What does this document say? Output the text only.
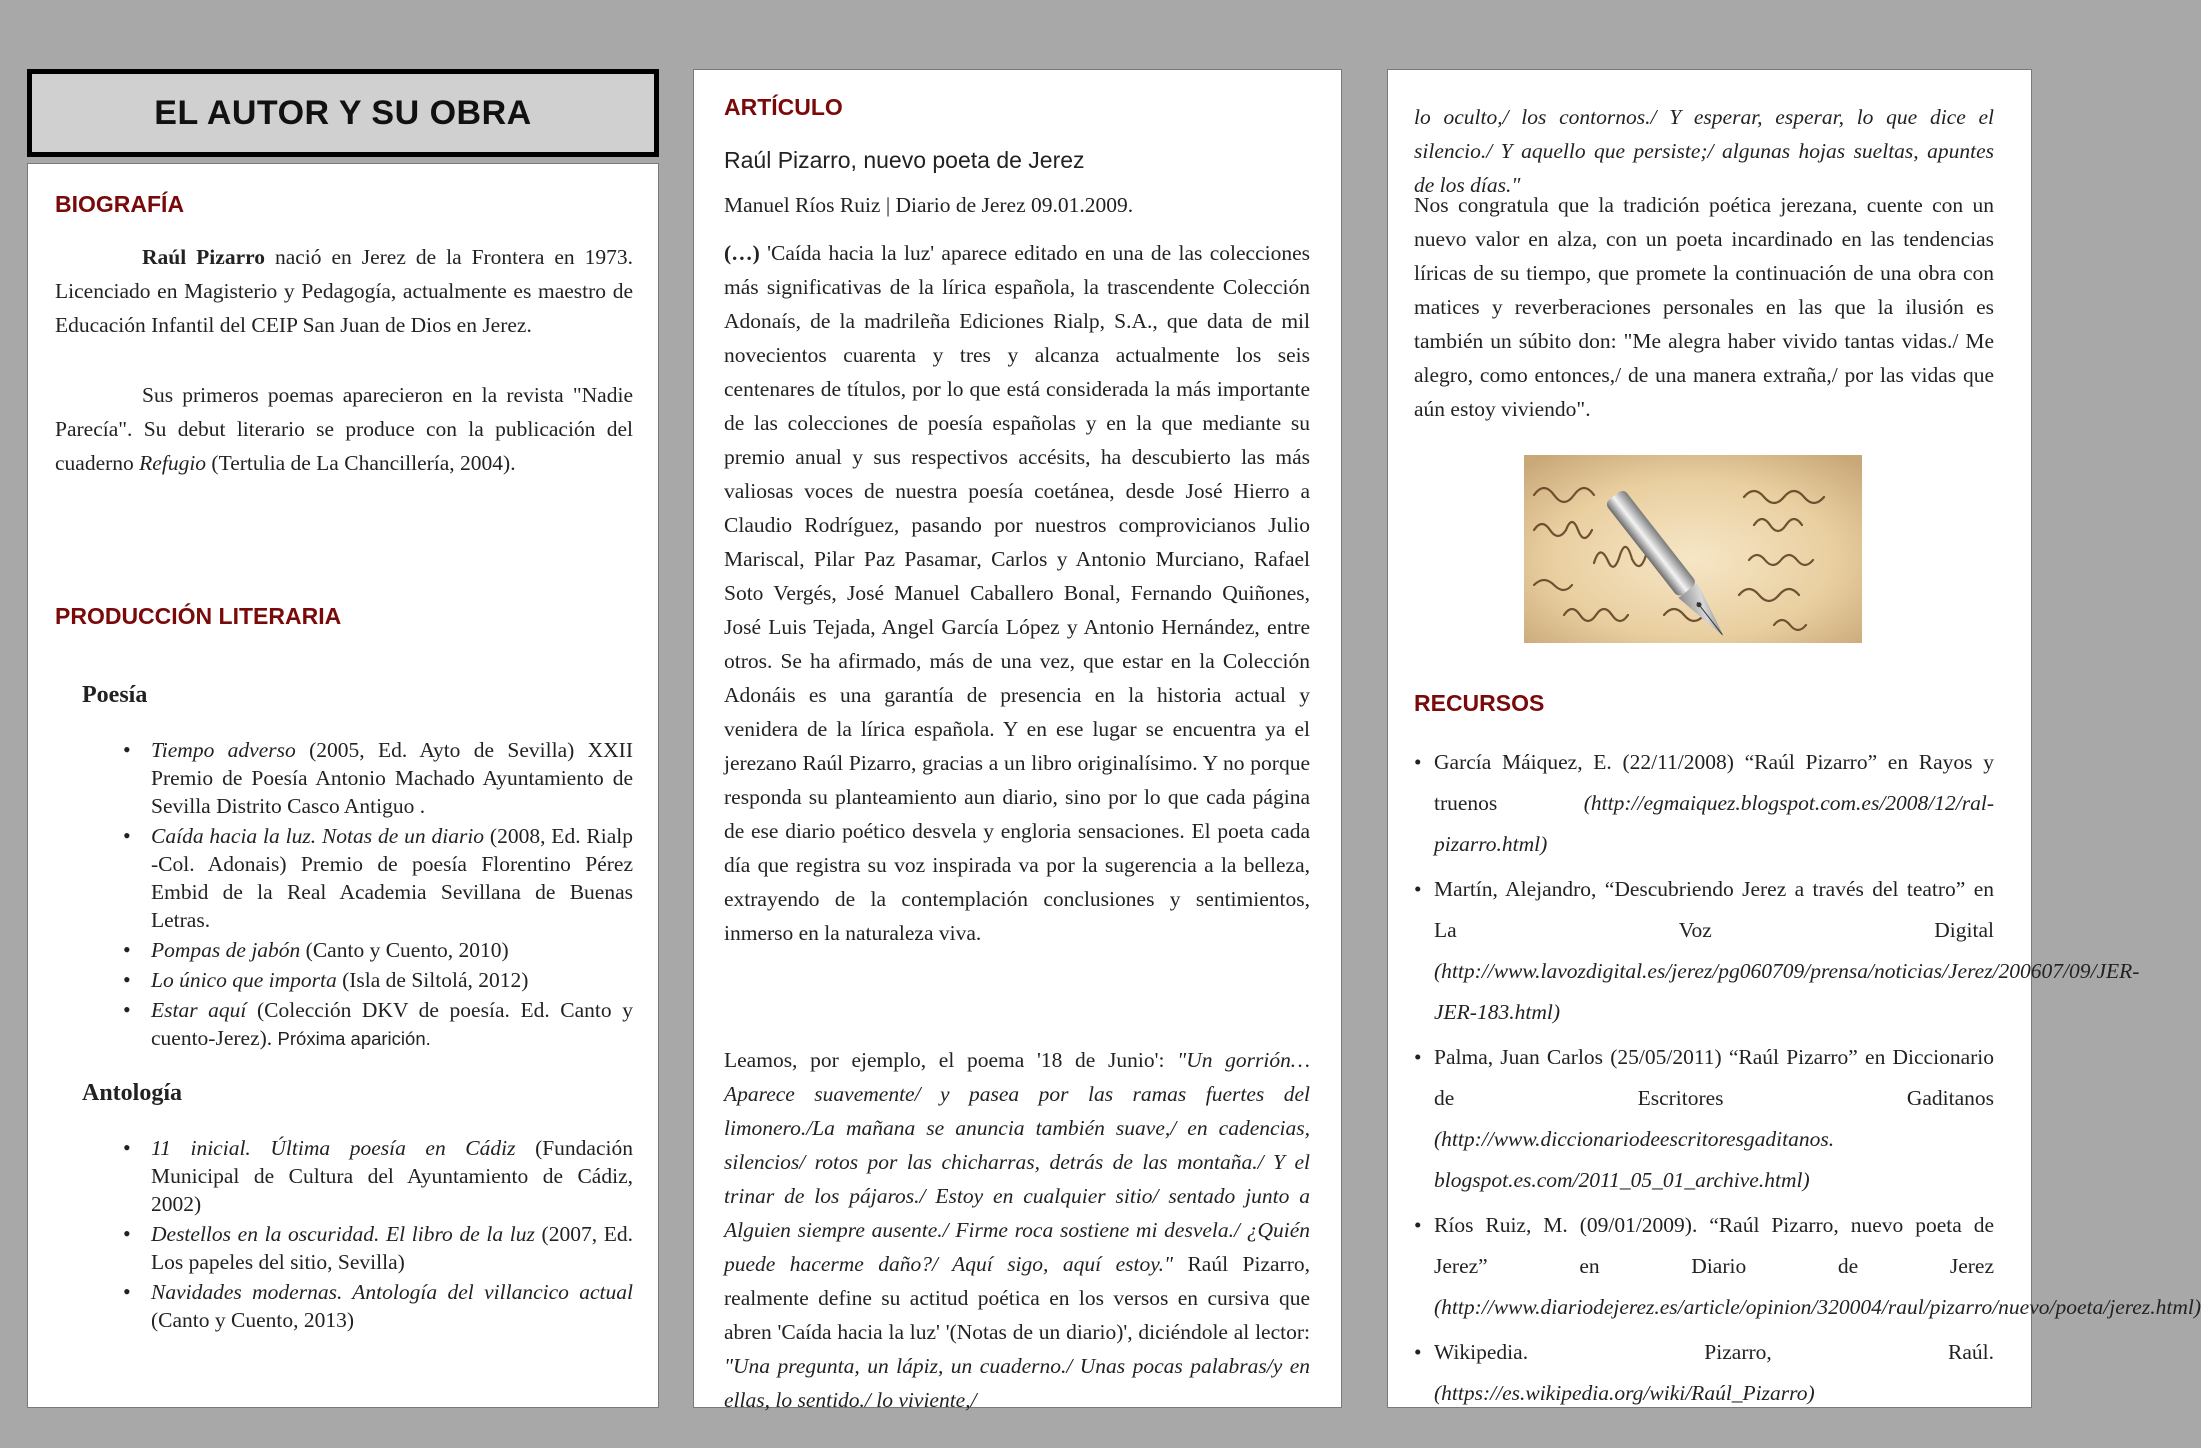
EL AUTOR Y SU OBRA
BIOGRAFÍA
Raúl Pizarro nació en Jerez de la Frontera en 1973. Licenciado en Magisterio y Pedagogía, actualmente es maestro de Educación Infantil del CEIP San Juan de Dios en Jerez.
Sus primeros poemas aparecieron en la revista "Nadie Parecía". Su debut literario se produce con la publicación del cuaderno Refugio (Tertulia de La Chancillería, 2004).
PRODUCCIÓN LITERARIA
Poesía
• Tiempo adverso (2005, Ed. Ayto de Sevilla) XXII Premio de Poesía Antonio Machado Ayuntamiento de Sevilla Distrito Casco Antiguo .
• Caída hacia la luz. Notas de un diario (2008, Ed. Rialp -Col. Adonais) Premio de poesía Florentino Pérez Embid de la Real Academia Sevillana de Buenas Letras.
• Pompas de jabón (Canto y Cuento, 2010)
• Lo único que importa (Isla de Siltolá, 2012)
• Estar aquí (Colección DKV de poesía. Ed. Canto y cuento-Jerez). Próxima aparición.
Antología
• 11 inicial. Última poesía en Cádiz (Fundación Municipal de Cultura del Ayuntamiento de Cádiz, 2002)
• Destellos en la oscuridad. El libro de la luz (2007, Ed. Los papeles del sitio, Sevilla)
• Navidades modernas. Antología del villancico actual (Canto y Cuento, 2013)
ARTÍCULO
Raúl Pizarro, nuevo poeta de Jerez
Manuel Ríos Ruiz | Diario de Jerez 09.01.2009.
(…) 'Caída hacia la luz' aparece editado en una de las colecciones más significativas de la lírica española, la trascendente Colección Adonaís, de la madrileña Ediciones Rialp, S.A., que data de mil novecientos cuarenta y tres y alcanza actualmente los seis centenares de títulos, por lo que está considerada la más importante de las colecciones de poesía españolas y en la que mediante su premio anual y sus respectivos accésits, ha descubierto las más valiosas voces de nuestra poesía coetánea, desde José Hierro a Claudio Rodríguez, pasando por nuestros comprovicianos Julio Mariscal, Pilar Paz Pasamar, Carlos y Antonio Murciano, Rafael Soto Vergés, José Manuel Caballero Bonal, Fernando Quiñones, José Luis Tejada, Angel García López y Antonio Hernández, entre otros. Se ha afirmado, más de una vez, que estar en la Colección Adonáis es una garantía de presencia en la historia actual y venidera de la lírica española. Y en ese lugar se encuentra ya el jerezano Raúl Pizarro, gracias a un libro originalísimo. Y no porque responda su planteamiento aun diario, sino por lo que cada página de ese diario poético desvela y engloria sensaciones. El poeta cada día que registra su voz inspirada va por la sugerencia a la belleza, extrayendo de la contemplación conclusiones y sentimientos, inmerso en la naturaleza viva.
Leamos, por ejemplo, el poema '18 de Junio': "Un gorrión… Aparece suavemente/ y pasea por las ramas fuertes del limonero./La mañana se anuncia también suave,/ en cadencias, silencios/ rotos por las chicharras, detrás de las montaña./ Y el trinar de los pájaros./ Estoy en cualquier sitio/ sentado junto a Alguien siempre ausente./ Firme roca sostiene mi desvela./ ¿Quién puede hacerme daño?/ Aquí sigo, aquí estoy." Raúl Pizarro, realmente define su actitud poética en los versos en cursiva que abren 'Caída hacia la luz' '(Notas de un diario)', diciéndole al lector: "Una pregunta, un lápiz, un cuaderno./ Unas pocas palabras/y en ellas, lo sentido./ lo viviente,/
lo oculto,/ los contornos./ Y esperar, esperar, lo que dice el silencio./ Y aquello que persiste;/ algunas hojas sueltas, apuntes de los días."
Nos congratula que la tradición poética jerezana, cuente con un nuevo valor en alza, con un poeta incardinado en las tendencias líricas de su tiempo, que promete la continuación de una obra con matices y reverberaciones personales en las que la ilusión es también un súbito don: "Me alegra haber vivido tantas vidas./ Me alegro, como entonces,/ de una manera extraña,/ por las vidas que aún estoy viviendo".
RECURSOS
• García Máiquez, E. (22/11/2008) “Raúl Pizarro” en Rayos y truenos (http://egmaiquez.blogspot.com.es/2008/12/ral-pizarro.html)
• Martín, Alejandro, “Descubriendo Jerez a través del teatro” en La Voz Digital (http://www.lavozdigital.es/jerez/pg060709/prensa/noticias/Jerez/200607/09/JER-JER-183.html)
• Palma, Juan Carlos (25/05/2011) “Raúl Pizarro” en Diccionario de Escritores Gaditanos (http://www.diccionariodeescritoresgaditanos. blogspot.es.com/2011_05_01_archive.html)
• Ríos Ruiz, M. (09/01/2009). “Raúl Pizarro, nuevo poeta de Jerez” en Diario de Jerez (http://www.diariodejerez.es/article/opinion/320004/raul/pizarro/nuevo/poeta/jerez.html)
• Wikipedia. Pizarro, Raúl. (https://es.wikipedia.org/wiki/Raúl_Pizarro)
